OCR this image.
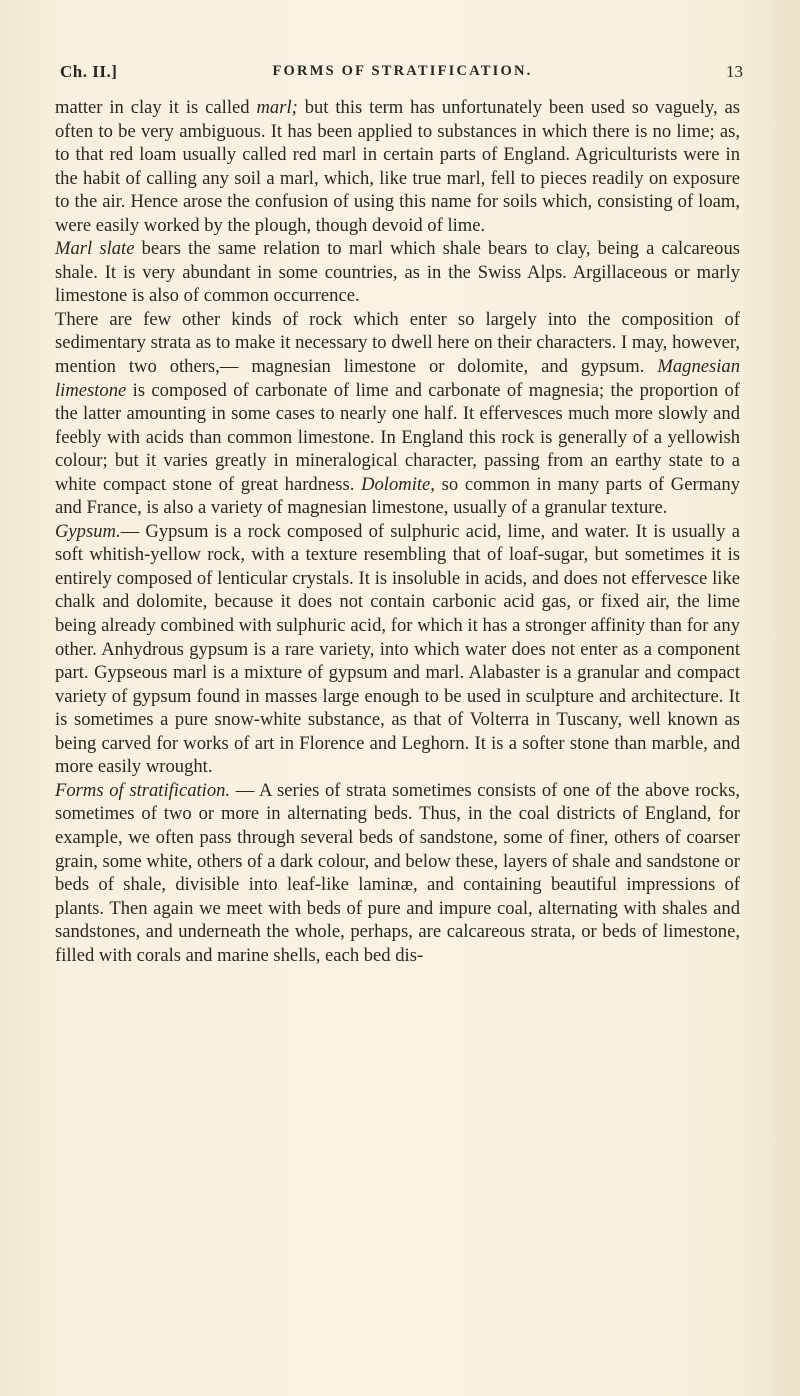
Ch. II.]	FORMS OF STRATIFICATION.	13

matter in clay it is called marl; but this term has unfortunately been used so vaguely, as often to be very ambiguous. It has been applied to substances in which there is no lime; as, to that red loam usually called red marl in certain parts of England. Agriculturists were in the habit of calling any soil a marl, which, like true marl, fell to pieces readily on exposure to the air. Hence arose the confusion of using this name for soils which, consisting of loam, were easily worked by the plough, though devoid of lime.

Marl slate bears the same relation to marl which shale bears to clay, being a calcareous shale. It is very abundant in some countries, as in the Swiss Alps. Argillaceous or marly limestone is also of common occurrence.

There are few other kinds of rock which enter so largely into the composition of sedimentary strata as to make it necessary to dwell here on their characters. I may, however, mention two others,— magnesian limestone or dolomite, and gypsum. Magnesian limestone is composed of carbonate of lime and carbonate of magnesia; the proportion of the latter amounting in some cases to nearly one half. It effervesces much more slowly and feebly with acids than common limestone. In England this rock is generally of a yellowish colour; but it varies greatly in mineralogical character, passing from an earthy state to a white compact stone of great hardness. Dolomite, so common in many parts of Germany and France, is also a variety of magnesian limestone, usually of a granular texture.

Gypsum.— Gypsum is a rock composed of sulphuric acid, lime, and water. It is usually a soft whitish-yellow rock, with a texture resembling that of loaf-sugar, but sometimes it is entirely composed of lenticular crystals. It is insoluble in acids, and does not effervesce like chalk and dolomite, because it does not contain carbonic acid gas, or fixed air, the lime being already combined with sulphuric acid, for which it has a stronger affinity than for any other. Anhydrous gypsum is a rare variety, into which water does not enter as a component part. Gypseous marl is a mixture of gypsum and marl. Alabaster is a granular and compact variety of gypsum found in masses large enough to be used in sculpture and architecture. It is sometimes a pure snow-white substance, as that of Volterra in Tuscany, well known as being carved for works of art in Florence and Leghorn. It is a softer stone than marble, and more easily wrought.

Forms of stratification. — A series of strata sometimes consists of one of the above rocks, sometimes of two or more in alternating beds. Thus, in the coal districts of England, for example, we often pass through several beds of sandstone, some of finer, others of coarser grain, some white, others of a dark colour, and below these, layers of shale and sandstone or beds of shale, divisible into leaf-like laminæ, and containing beautiful impressions of plants. Then again we meet with beds of pure and impure coal, alternating with shales and sandstones, and underneath the whole, perhaps, are calcareous strata, or beds of limestone, filled with corals and marine shells, each bed dis-
